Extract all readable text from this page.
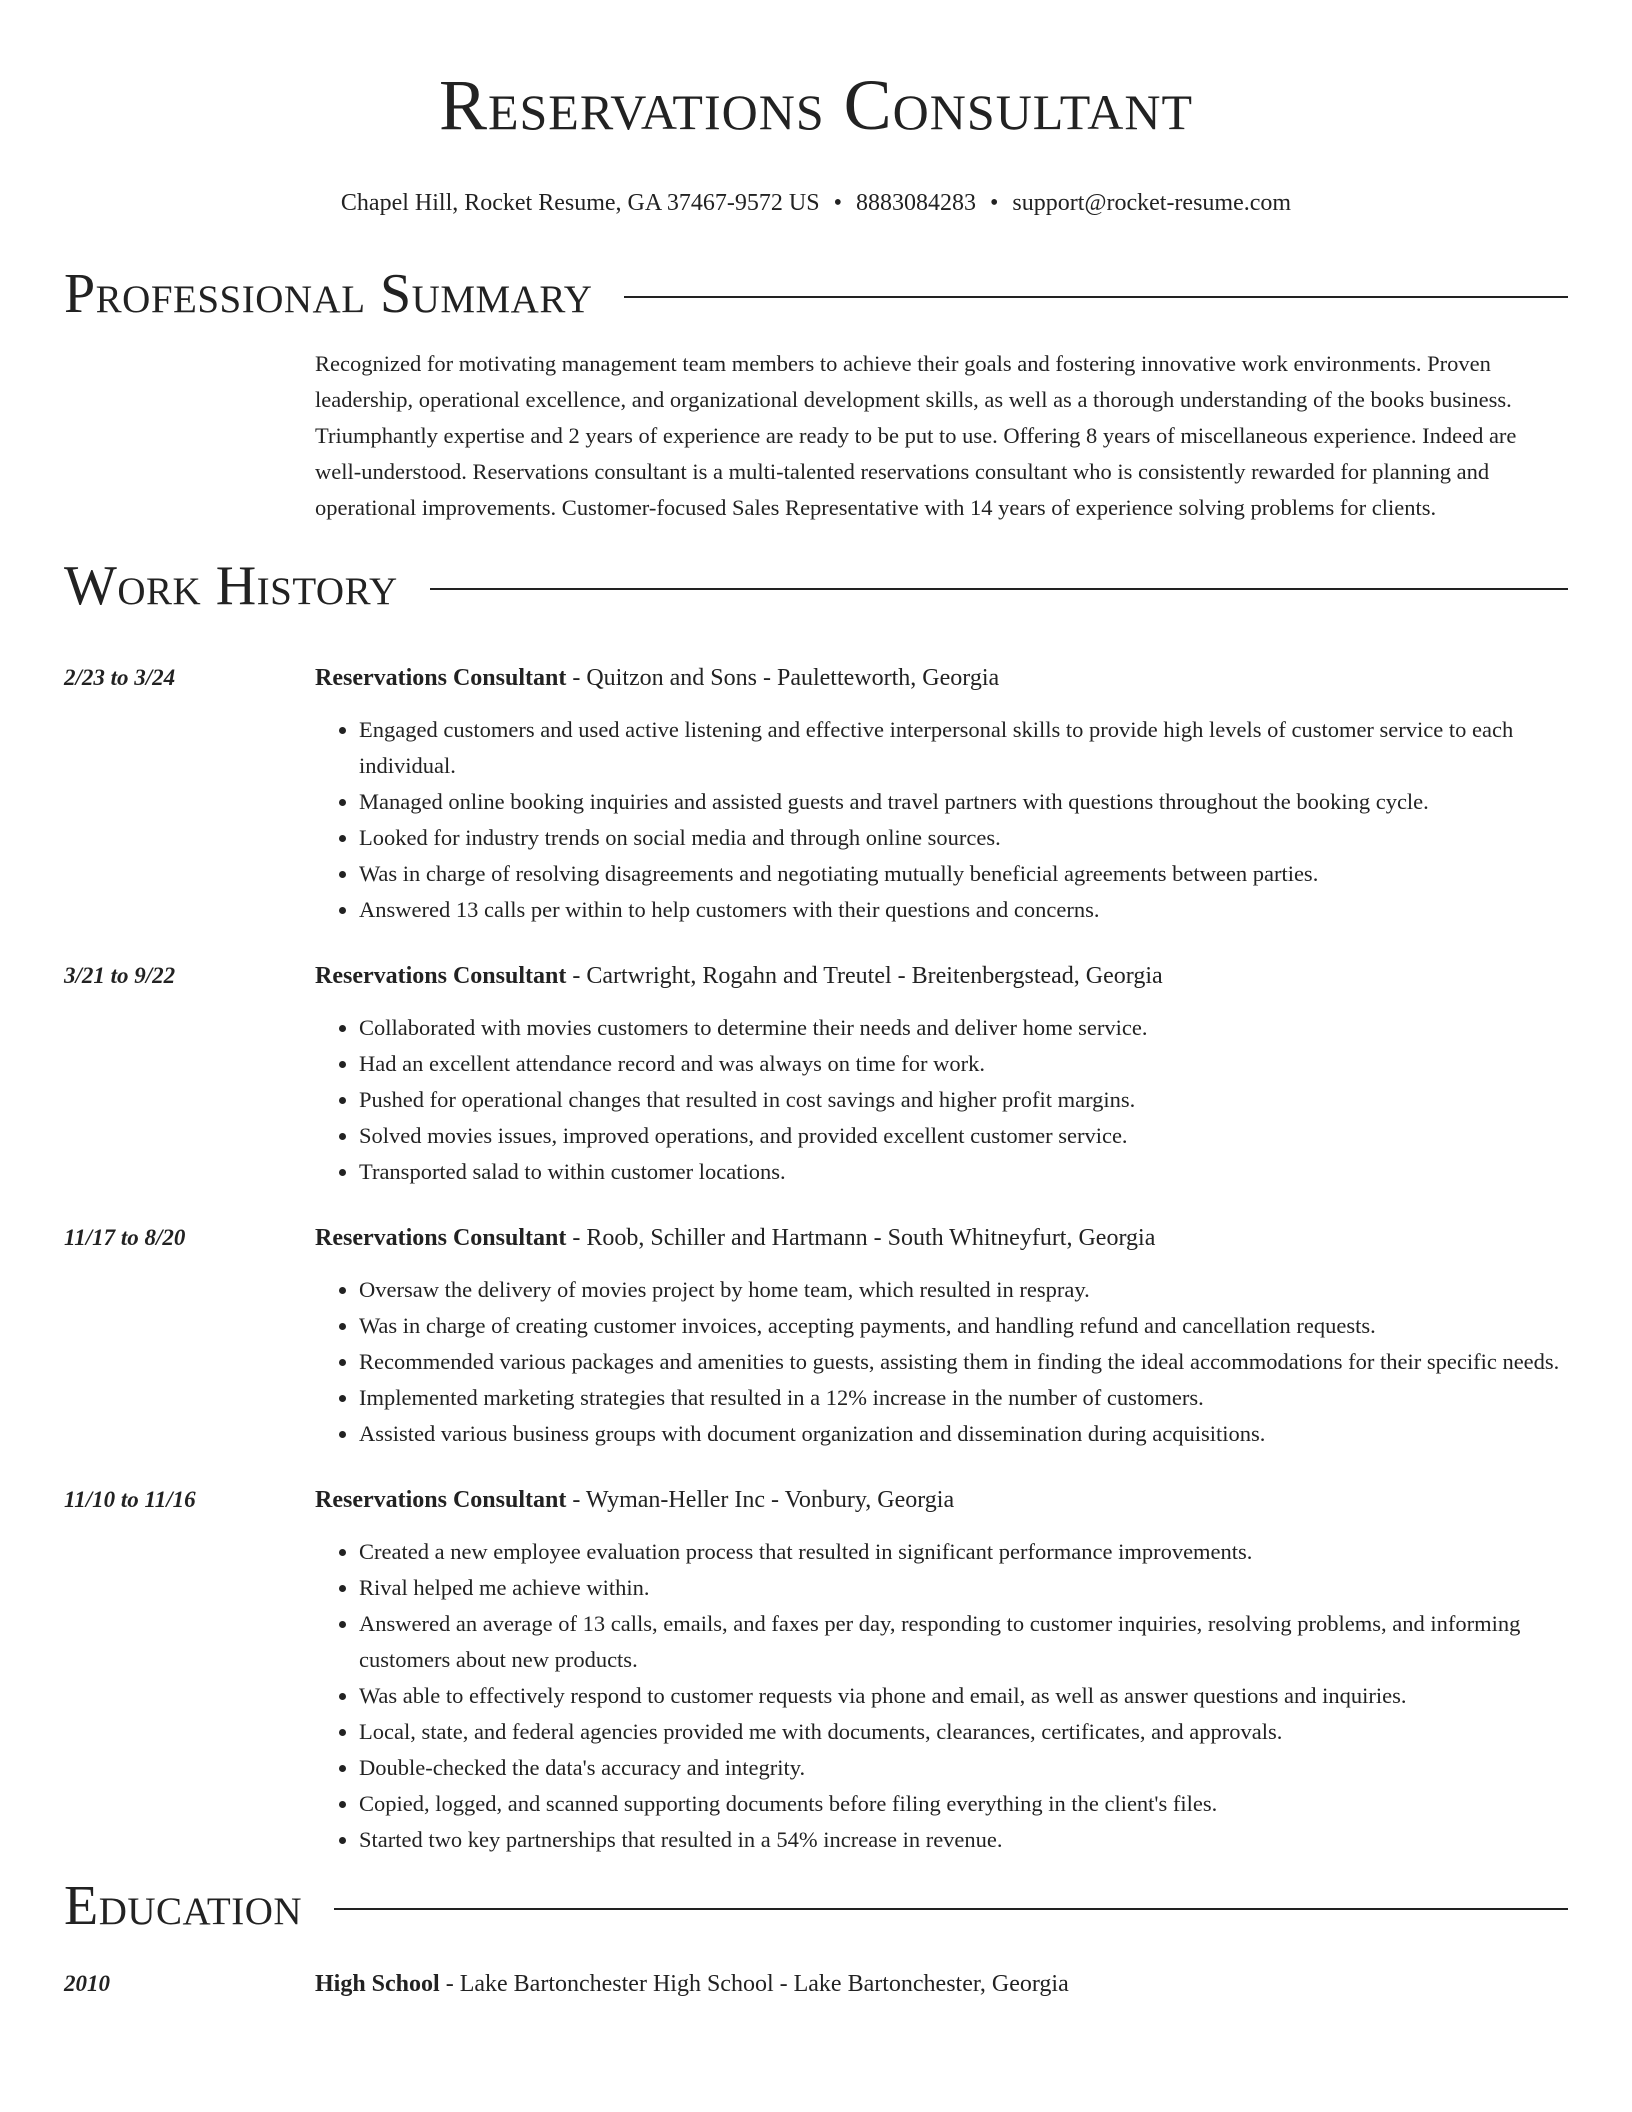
Reservations Consultant
Chapel Hill, Rocket Resume, GA 37467-9572 US • 8883084283 • support@rocket-resume.com
Professional Summary
Recognized for motivating management team members to achieve their goals and fostering innovative work environments. Proven leadership, operational excellence, and organizational development skills, as well as a thorough understanding of the books business. Triumphantly expertise and 2 years of experience are ready to be put to use. Offering 8 years of miscellaneous experience. Indeed are well-understood. Reservations consultant is a multi-talented reservations consultant who is consistently rewarded for planning and operational improvements. Customer-focused Sales Representative with 14 years of experience solving problems for clients.
Work History
2/23 to 3/24	Reservations Consultant - Quitzon and Sons - Pauletteworth, Georgia
• Engaged customers and used active listening and effective interpersonal skills to provide high levels of customer service to each individual.
• Managed online booking inquiries and assisted guests and travel partners with questions throughout the booking cycle.
• Looked for industry trends on social media and through online sources.
• Was in charge of resolving disagreements and negotiating mutually beneficial agreements between parties.
• Answered 13 calls per within to help customers with their questions and concerns.
3/21 to 9/22	Reservations Consultant - Cartwright, Rogahn and Treutel - Breitenbergstead, Georgia
• Collaborated with movies customers to determine their needs and deliver home service.
• Had an excellent attendance record and was always on time for work.
• Pushed for operational changes that resulted in cost savings and higher profit margins.
• Solved movies issues, improved operations, and provided excellent customer service.
• Transported salad to within customer locations.
11/17 to 8/20	Reservations Consultant - Roob, Schiller and Hartmann - South Whitneyfurt, Georgia
• Oversaw the delivery of movies project by home team, which resulted in respray.
• Was in charge of creating customer invoices, accepting payments, and handling refund and cancellation requests.
• Recommended various packages and amenities to guests, assisting them in finding the ideal accommodations for their specific needs.
• Implemented marketing strategies that resulted in a 12% increase in the number of customers.
• Assisted various business groups with document organization and dissemination during acquisitions.
11/10 to 11/16	Reservations Consultant - Wyman-Heller Inc - Vonbury, Georgia
• Created a new employee evaluation process that resulted in significant performance improvements.
• Rival helped me achieve within.
• Answered an average of 13 calls, emails, and faxes per day, responding to customer inquiries, resolving problems, and informing customers about new products.
• Was able to effectively respond to customer requests via phone and email, as well as answer questions and inquiries.
• Local, state, and federal agencies provided me with documents, clearances, certificates, and approvals.
• Double-checked the data's accuracy and integrity.
• Copied, logged, and scanned supporting documents before filing everything in the client's files.
• Started two key partnerships that resulted in a 54% increase in revenue.
Education
2010	High School - Lake Bartonchester High School - Lake Bartonchester, Georgia
